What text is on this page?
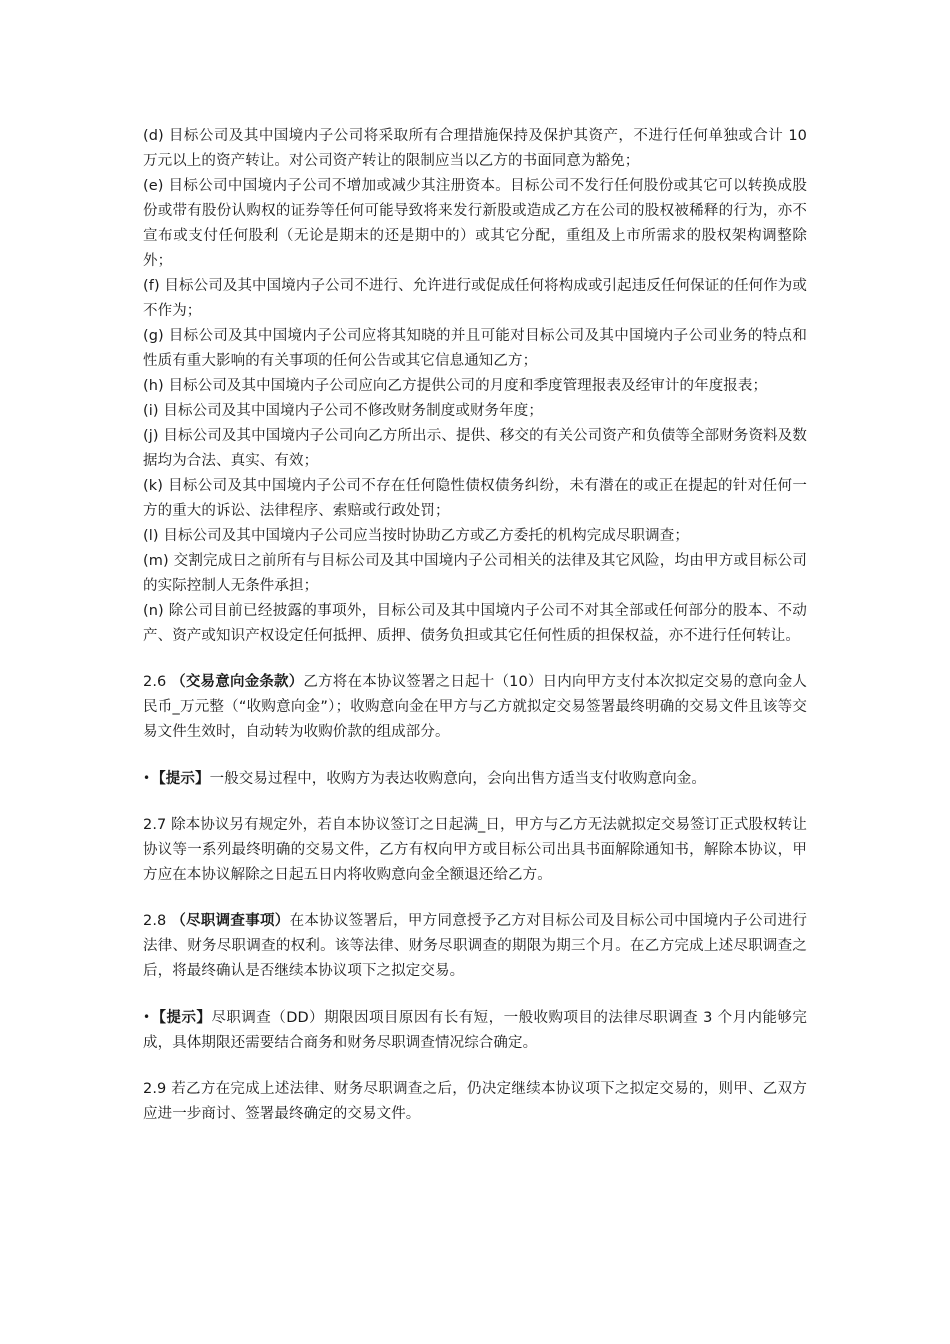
(d) 目标公司及其中国境内子公司将采取所有合理措施保持及保护其资产，不进行任何单独或合计 10 万元以上的资产转让。对公司资产转让的限制应当以乙方的书面同意为豁免；

(e) 目标公司中国境内子公司不增加或减少其注册资本。目标公司不发行任何股份或其它可以转换成股份或带有股份认购权的证券等任何可能导致将来发行新股或造成乙方在公司的股权被稀释的行为，亦不宣布或支付任何股利（无论是期末的还是期中的）或其它分配，重组及上市所需求的股权架构调整除外；

(f) 目标公司及其中国境内子公司不进行、允许进行或促成任何将构成或引起违反任何保证的任何作为或不作为；

(g) 目标公司及其中国境内子公司应将其知晓的并且可能对目标公司及其中国境内子公司业务的特点和性质有重大影响的有关事项的任何公告或其它信息通知乙方；

(h) 目标公司及其中国境内子公司应向乙方提供公司的月度和季度管理报表及经审计的年度报表；

(i) 目标公司及其中国境内子公司不修改财务制度或财务年度；

(j) 目标公司及其中国境内子公司向乙方所出示、提供、移交的有关公司资产和负债等全部财务资料及数据均为合法、真实、有效；

(k) 目标公司及其中国境内子公司不存在任何隐性债权债务纠纷，未有潜在的或正在提起的针对任何一方的重大的诉讼、法律程序、索赔或行政处罚；

(l) 目标公司及其中国境内子公司应当按时协助乙方或乙方委托的机构完成尽职调查；

(m) 交割完成日之前所有与目标公司及其中国境内子公司相关的法律及其它风险，均由甲方或目标公司的实际控制人无条件承担；

(n) 除公司目前已经披露的事项外，目标公司及其中国境内子公司不对其全部或任何部分的股本、不动产、资产或知识产权设定任何抵押、质押、债务负担或其它任何性质的担保权益，亦不进行任何转让。

2.6 （交易意向金条款）乙方将在本协议签署之日起十（10）日内向甲方支付本次拟定交易的意向金人民币_万元整（“收购意向金”）；收购意向金在甲方与乙方就拟定交易签署最终明确的交易文件且该等交易文件生效时，自动转为收购价款的组成部分。

•【提示】一般交易过程中，收购方为表达收购意向，会向出售方适当支付收购意向金。

2.7 除本协议另有规定外，若自本协议签订之日起满_日，甲方与乙方无法就拟定交易签订正式股权转让协议等一系列最终明确的交易文件，乙方有权向甲方或目标公司出具书面解除通知书，解除本协议，甲方应在本协议解除之日起五日内将收购意向金全额退还给乙方。

2.8 （尽职调查事项）在本协议签署后，甲方同意授予乙方对目标公司及目标公司中国境内子公司进行法律、财务尽职调查的权利。该等法律、财务尽职调查的期限为期三个月。在乙方完成上述尽职调查之后，将最终确认是否继续本协议项下之拟定交易。

•【提示】尽职调查（DD）期限因项目原因有长有短，一般收购项目的法律尽职调查 3 个月内能够完成，具体期限还需要结合商务和财务尽职调查情况综合确定。

2.9 若乙方在完成上述法律、财务尽职调查之后，仍决定继续本协议项下之拟定交易的，则甲、乙双方应进一步商讨、签署最终确定的交易文件。
